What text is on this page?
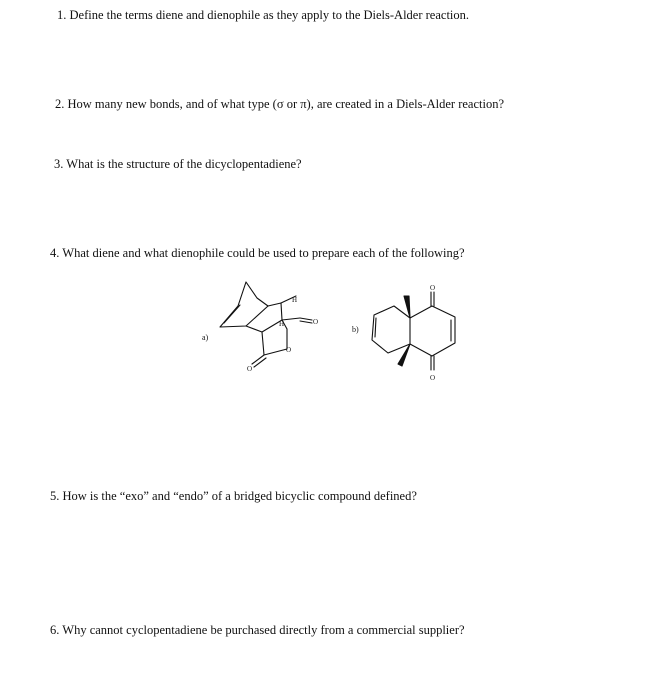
1. Define the terms diene and dienophile as they apply to the Diels-Alder reaction.

2. How many new bonds, and of what type (σ or π), are created in a Diels-Alder reaction?

3. What is the structure of the dicyclopentadiene?

4. What diene and what dienophile could be used to prepare each of the following?

a)
H
H	O
O
O
b)
O
O

5. How is the “exo” and “endo” of a bridged bicyclic compound defined?

6. Why cannot cyclopentadiene be purchased directly from a commercial supplier?
